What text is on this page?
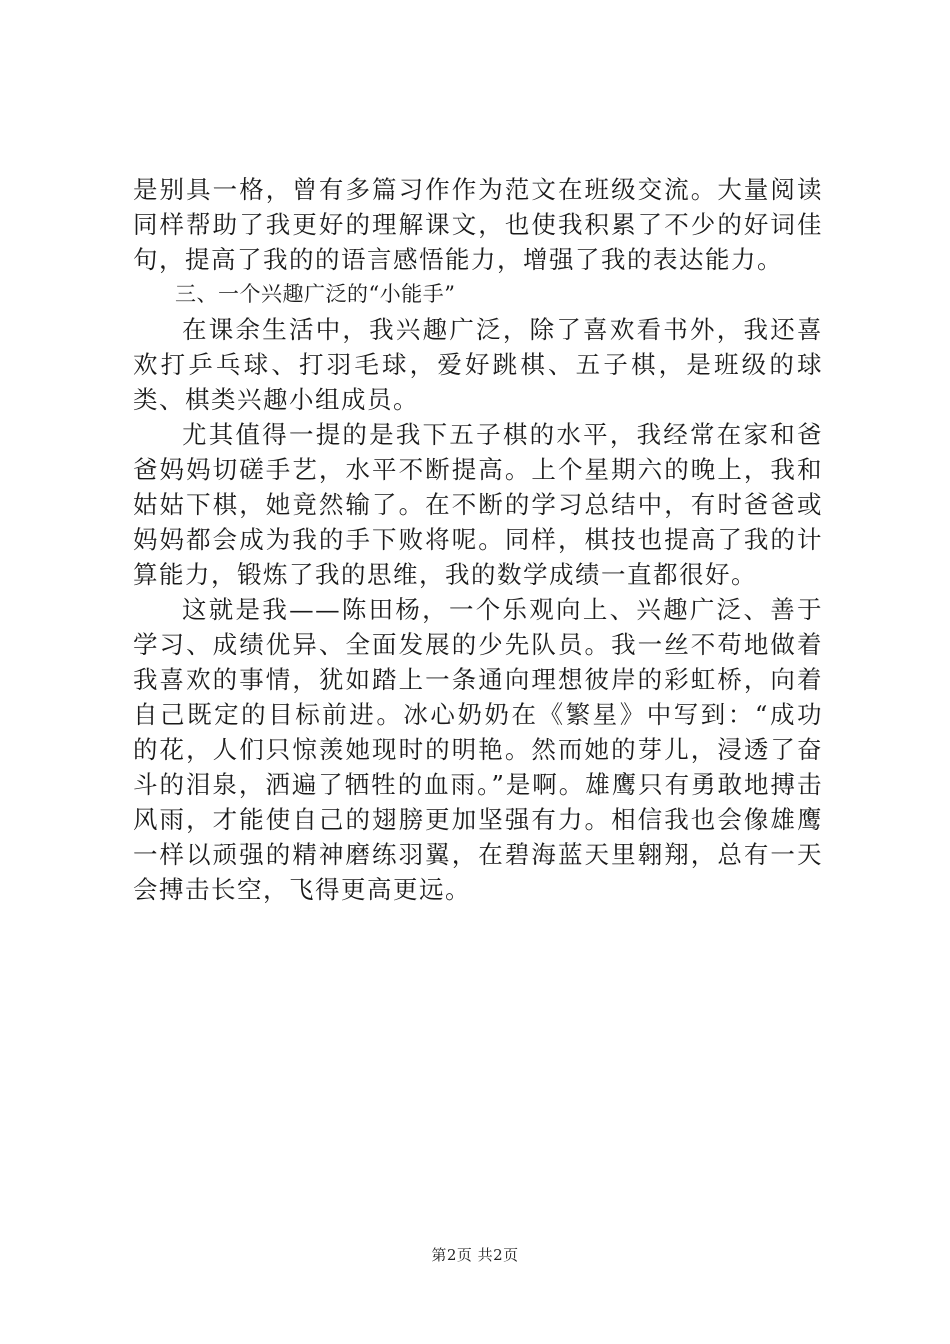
是别具一格，曾有多篇习作作为范文在班级交流。大量阅读同样帮助了我更好的理解课文，也使我积累了不少的好词佳句，提高了我的的语言感悟能力，增强了我的表达能力。

三、一个兴趣广泛的“小能手”

在课余生活中，我兴趣广泛，除了喜欢看书外，我还喜欢打乒乓球、打羽毛球，爱好跳棋、五子棋，是班级的球类、棋类兴趣小组成员。

尤其值得一提的是我下五子棋的水平，我经常在家和爸爸妈妈切磋手艺，水平不断提高。上个星期六的晚上，我和姑姑下棋，她竟然输了。在不断的学习总结中，有时爸爸或妈妈都会成为我的手下败将呢。同样，棋技也提高了我的计算能力，锻炼了我的思维，我的数学成绩一直都很好。

这就是我——陈田杨，一个乐观向上、兴趣广泛、善于学习、成绩优异、全面发展的少先队员。我一丝不苟地做着我喜欢的事情，犹如踏上一条通向理想彼岸的彩虹桥，向着自己既定的目标前进。冰心奶奶在《繁星》中写到：“成功的花，人们只惊羡她现时的明艳。然而她的芽儿，浸透了奋斗的泪泉，洒遍了牺牲的血雨。”是啊。雄鹰只有勇敢地搏击风雨，才能使自己的翅膀更加坚强有力。相信我也会像雄鹰一样以顽强的精神磨练羽翼，在碧海蓝天里翱翔，总有一天会搏击长空，飞得更高更远。

第2页 共2页
